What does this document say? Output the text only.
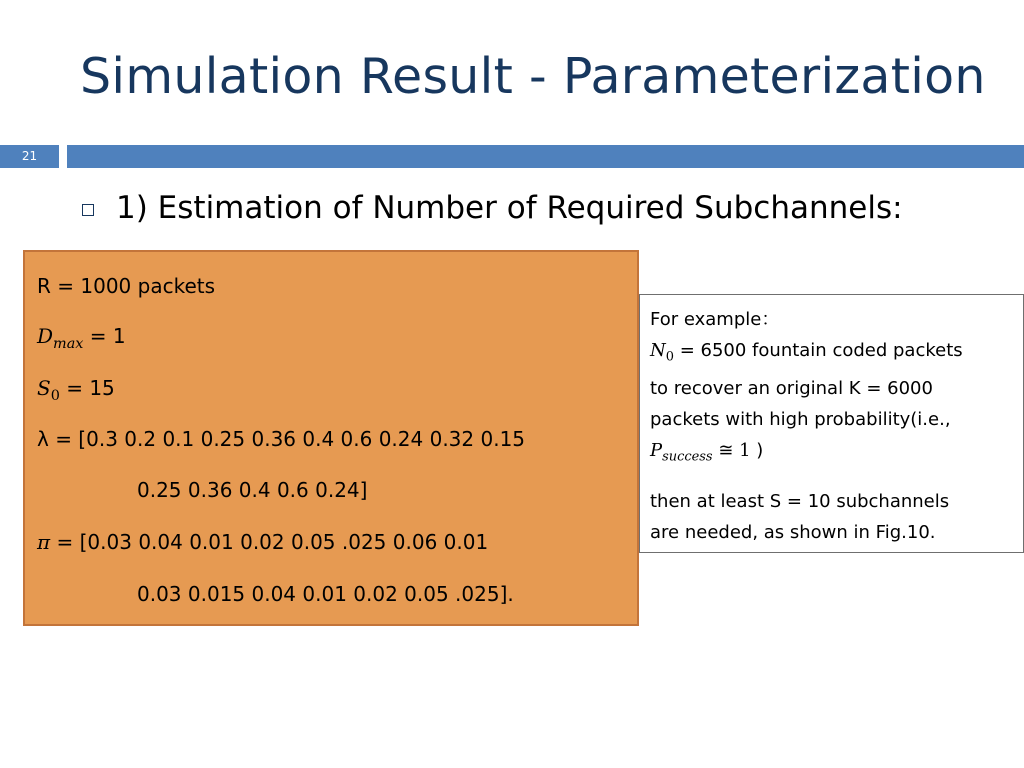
Simulation Result - Parameterization
21
1) Estimation of Number of Required Subchannels:
R = 1000 packets
$D_{max} = 1$
$S_0 = 15$
λ = [0.3 0.2 0.1 0.25 0.36 0.4 0.6 0.24 0.32 0.15
0.25 0.36 0.4 0.6 0.24]
π = [0.03 0.04 0.01 0.02 0.05 .025 0.06 0.01
0.03 0.015 0.04 0.01 0.02 0.05 .025].
For example：
$N_0 = 6500$ fountain coded packets
to recover an original K = 6000
packets with high probability(i.e.,
$P_{success}$ ≅ 1 )
then at least S = 10 subchannels
are needed, as shown in Fig.10.
